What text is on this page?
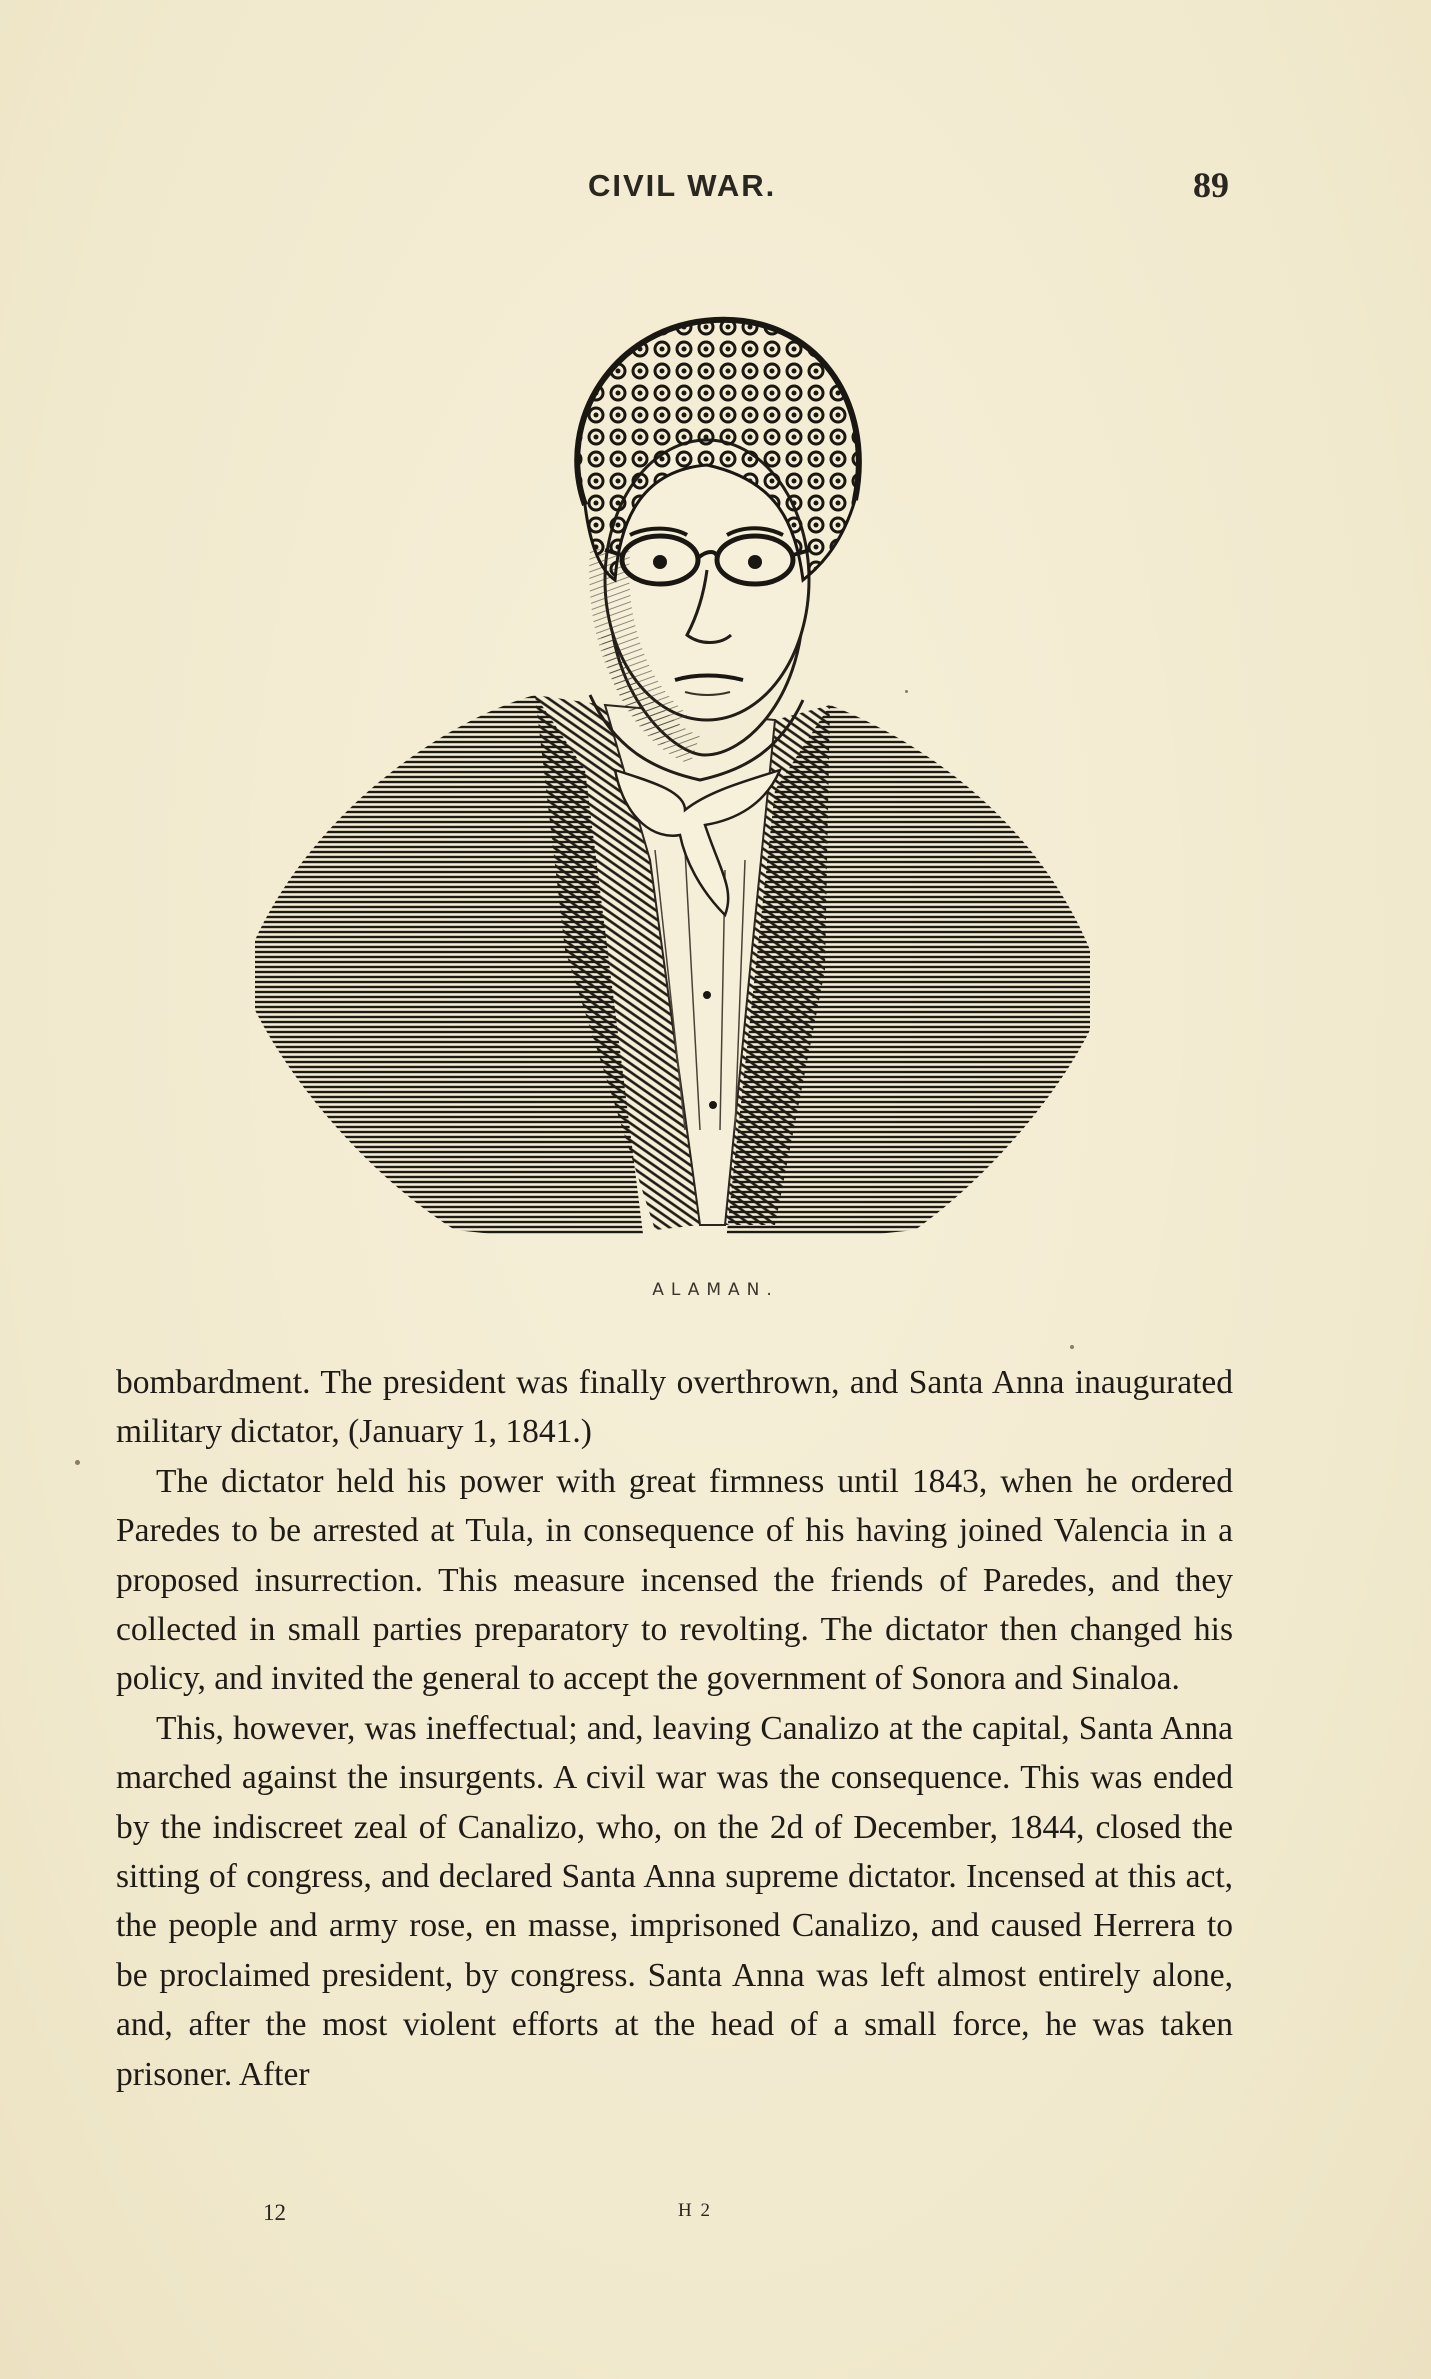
CIVIL WAR.	89
ALAMAN.

bombardment. The president was finally overthrown, and Santa Anna inaugurated military dictator, (January 1, 1841.)

The dictator held his power with great firmness until 1843, when he ordered Paredes to be arrested at Tula, in consequence of his having joined Valencia in a proposed insurrection. This measure incensed the friends of Paredes, and they collected in small parties preparatory to revolting. The dictator then changed his policy, and invited the general to accept the government of Sonora and Sinaloa.

This, however, was ineffectual; and, leaving Canalizo at the capital, Santa Anna marched against the insurgents. A civil war was the consequence. This was ended by the indiscreet zeal of Canalizo, who, on the 2d of December, 1844, closed the sitting of congress, and declared Santa Anna supreme dictator. Incensed at this act, the people and army rose, en masse, imprisoned Canalizo, and caused Herrera to be proclaimed president, by congress. Santa Anna was left almost entirely alone, and, after the most violent efforts at the head of a small force, he was taken prisoner. After

12	H 2
